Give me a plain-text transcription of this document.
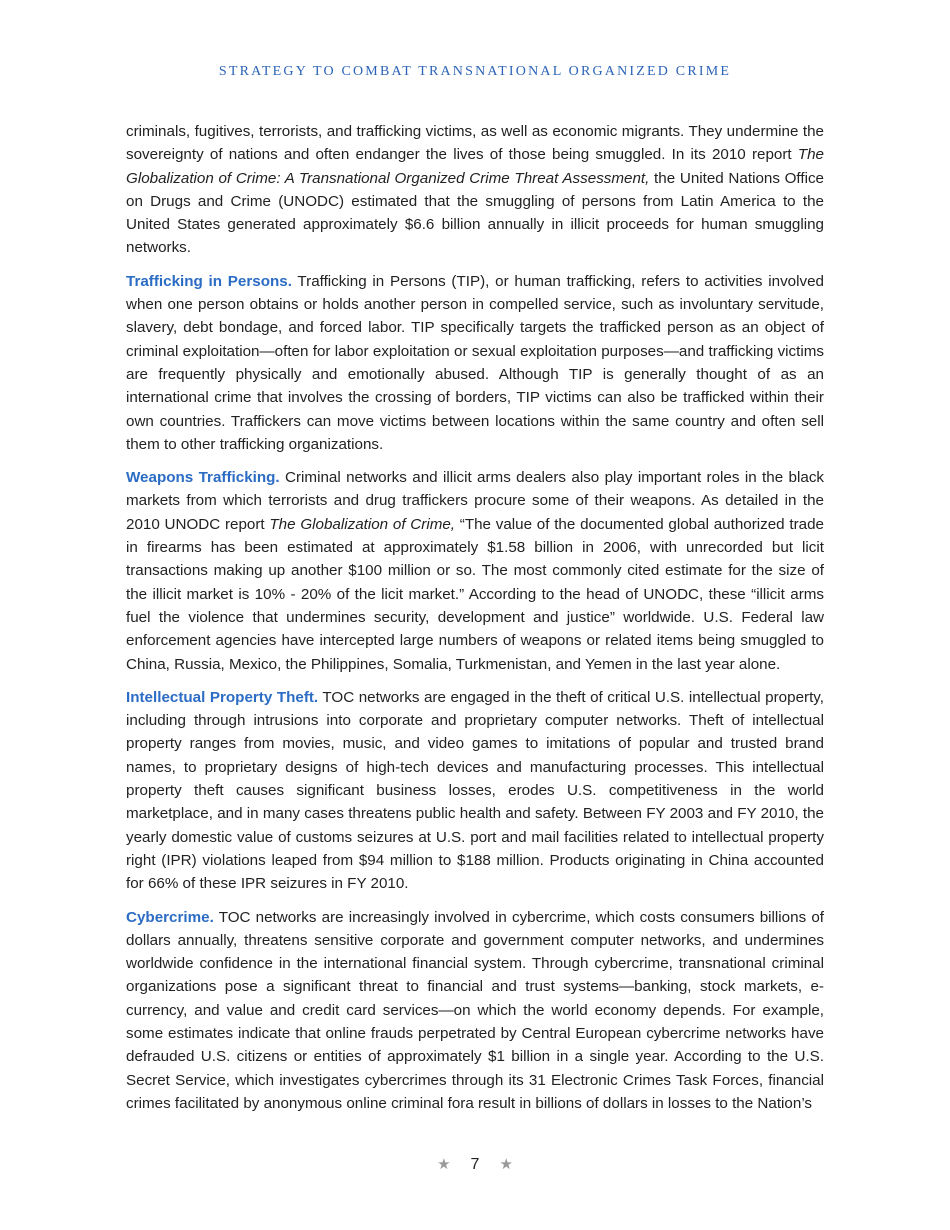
STRATEGY TO COMBAT TRANSNATIONAL ORGANIZED CRIME

criminals, fugitives, terrorists, and trafficking victims, as well as economic migrants. They undermine the sovereignty of nations and often endanger the lives of those being smuggled. In its 2010 report The Globalization of Crime: A Transnational Organized Crime Threat Assessment, the United Nations Office on Drugs and Crime (UNODC) estimated that the smuggling of persons from Latin America to the United States generated approximately $6.6 billion annually in illicit proceeds for human smuggling networks.

Trafficking in Persons. Trafficking in Persons (TIP), or human trafficking, refers to activities involved when one person obtains or holds another person in compelled service, such as involuntary servitude, slavery, debt bondage, and forced labor. TIP specifically targets the trafficked person as an object of criminal exploitation—often for labor exploitation or sexual exploitation purposes—and trafficking victims are frequently physically and emotionally abused. Although TIP is generally thought of as an international crime that involves the crossing of borders, TIP victims can also be trafficked within their own countries. Traffickers can move victims between locations within the same country and often sell them to other trafficking organizations.

Weapons Trafficking. Criminal networks and illicit arms dealers also play important roles in the black markets from which terrorists and drug traffickers procure some of their weapons. As detailed in the 2010 UNODC report The Globalization of Crime, “The value of the documented global authorized trade in firearms has been estimated at approximately $1.58 billion in 2006, with unrecorded but licit transactions making up another $100 million or so. The most commonly cited estimate for the size of the illicit market is 10% - 20% of the licit market.” According to the head of UNODC, these “illicit arms fuel the violence that undermines security, development and justice” worldwide. U.S. Federal law enforcement agencies have intercepted large numbers of weapons or related items being smuggled to China, Russia, Mexico, the Philippines, Somalia, Turkmenistan, and Yemen in the last year alone.

Intellectual Property Theft. TOC networks are engaged in the theft of critical U.S. intellectual property, including through intrusions into corporate and proprietary computer networks. Theft of intellectual property ranges from movies, music, and video games to imitations of popular and trusted brand names, to proprietary designs of high-tech devices and manufacturing processes. This intellectual property theft causes significant business losses, erodes U.S. competitiveness in the world marketplace, and in many cases threatens public health and safety. Between FY 2003 and FY 2010, the yearly domestic value of customs seizures at U.S. port and mail facilities related to intellectual property right (IPR) violations leaped from $94 million to $188 million. Products originating in China accounted for 66% of these IPR seizures in FY 2010.

Cybercrime. TOC networks are increasingly involved in cybercrime, which costs consumers billions of dollars annually, threatens sensitive corporate and government computer networks, and undermines worldwide confidence in the international financial system. Through cybercrime, transnational criminal organizations pose a significant threat to financial and trust systems—banking, stock markets, e-currency, and value and credit card services—on which the world economy depends. For example, some estimates indicate that online frauds perpetrated by Central European cybercrime networks have defrauded U.S. citizens or entities of approximately $1 billion in a single year. According to the U.S. Secret Service, which investigates cybercrimes through its 31 Electronic Crimes Task Forces, financial crimes facilitated by anonymous online criminal fora result in billions of dollars in losses to the Nation’s

★ 7 ★
